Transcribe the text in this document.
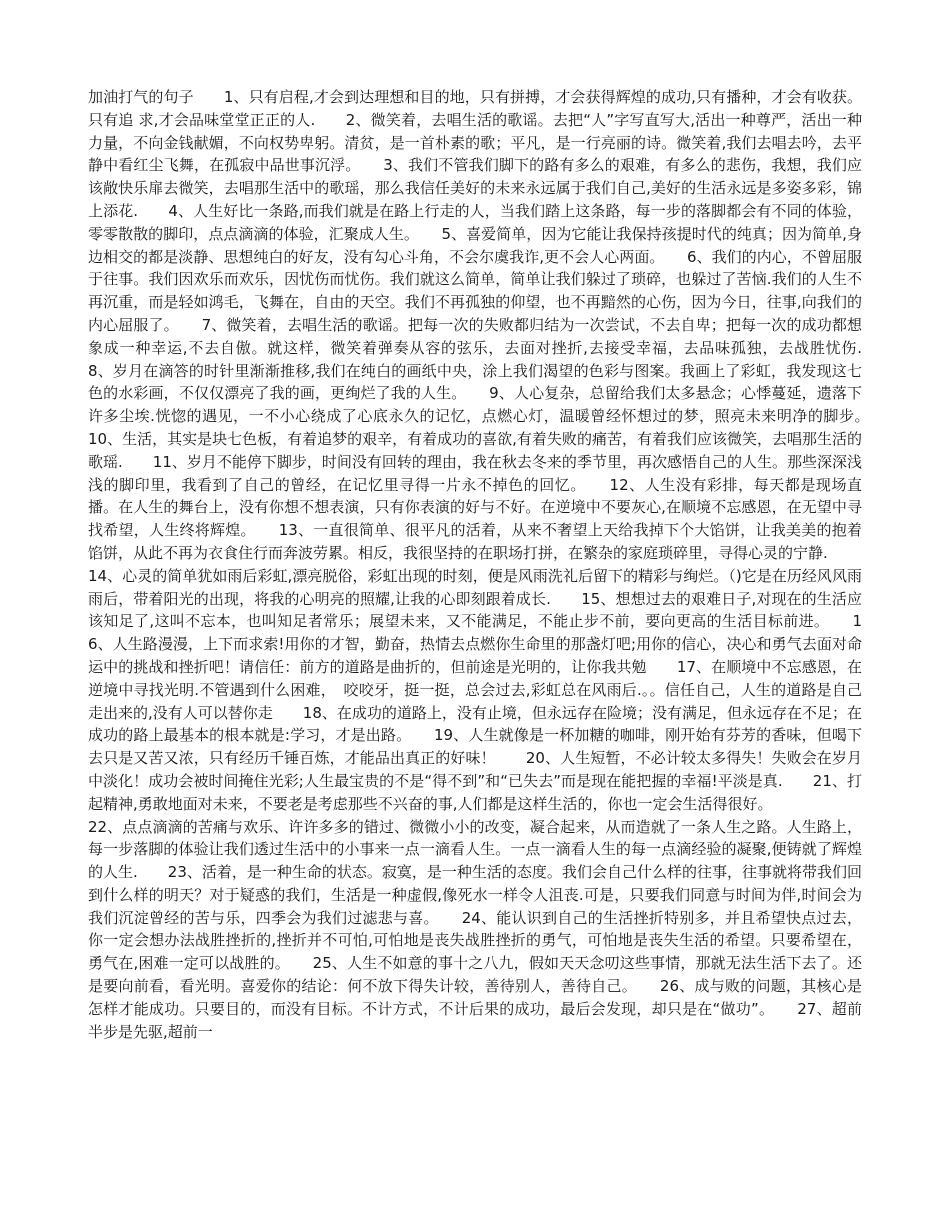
加油打气的句子　　1、只有启程,才会到达理想和目的地，只有拼搏，才会获得辉煌的成功,只有播种，才会有收获。只有追 求,才会品味堂堂正正的人.　　2、微笑着，去唱生活的歌谣。去把“人”字写直写大,活出一种尊严，活出一种力量，不向金钱献媚，不向权势卑躬。清贫，是一首朴素的歌；平凡，是一行亮丽的诗。微笑着,我们去唱去吟，去平静中看红尘飞舞，在孤寂中品世事沉浮。　　3、我们不管我们脚下的路有多么的艰难，有多么的悲伤，我想，我们应该敞快乐扉去微笑，去唱那生活中的歌瑶，那么我信任美好的未来永远属于我们自己,美好的生活永远是多姿多彩，锦上添花.　　4、人生好比一条路,而我们就是在路上行走的人，当我们踏上这条路，每一步的落脚都会有不同的体验，零零散散的脚印，点点滴滴的体验，汇聚成人生。　　5、喜爱简单，因为它能让我保持孩提时代的纯真；因为简单,身边相交的都是淡静、思想纯白的好友，没有勾心斗角，不会尔虞我诈,更不会人心两面。　　6、我们的内心，不曾屈服于往事。我们因欢乐而欢乐，因忧伤而忧伤。我们就这么简单，简单让我们躲过了琐碎，也躲过了苦恼.我们的人生不再沉重，而是轻如鸿毛，飞舞在，自由的天空。我们不再孤独的仰望，也不再黯然的心伤，因为今日，往事,向我们的内心屈服了。　　7、微笑着，去唱生活的歌谣。把每一次的失败都归结为一次尝试，不去自卑；把每一次的成功都想象成一种幸运,不去自傲。就这样，微笑着弹奏从容的弦乐，去面对挫折,去接受幸福，去品味孤独，去战胜忧伤.　　8、岁月在滴答的时针里渐渐推移,我们在纯白的画纸中央，涂上我们渴望的色彩与图案。我画上了彩虹，我发现这七色的水彩画，不仅仅漂亮了我的画，更绚烂了我的人生。　　9、人心复杂，总留给我们太多悬念；心悸蔓延，遗落下许多尘埃.恍惚的遇见，一不小心绕成了心底永久的记忆，点燃心灯，温暖曾经怀想过的梦，照亮未来明净的脚步。　　10、生活，其实是块七色板，有着追梦的艰辛，有着成功的喜欲,有着失败的痛苦，有着我们应该微笑，去唱那生活的歌瑶.　　11、岁月不能停下脚步，时间没有回转的理由，我在秋去冬来的季节里，再次感悟自己的人生。那些深深浅浅的脚印里，我看到了自己的曾经，在记忆里寻得一片永不掉色的回忆。　　12、人生没有彩排，每天都是现场直播。在人生的舞台上，没有你想不想表演，只有你表演的好与不好。在逆境中不要灰心,在顺境不忘感恩，在无望中寻找希望，人生终将辉煌。　　13、一直很简单、很平凡的活着，从来不奢望上天给我掉下个大馅饼，让我美美的抱着馅饼，从此不再为衣食住行而奔波劳累。相反，我很坚持的在职场打拼，在繁杂的家庭琐碎里，寻得心灵的宁静.

14、心灵的简单犹如雨后彩虹,漂亮脱俗，彩虹出现的时刻，便是风雨洗礼后留下的精彩与绚烂。（)它是在历经风风雨雨后，带着阳光的出现，将我的心明亮的照耀,让我的心即刻跟着成长.　　15、想想过去的艰难日子,对现在的生活应该知足了,这叫不忘本，也叫知足者常乐；展望未来，又不能满足，不能止步不前，要向更高的生活目标前进。　　16、人生路漫漫，上下而求索!用你的才智，勤奋，热情去点燃你生命里的那盏灯吧;用你的信心，决心和勇气去面对命运中的挑战和挫折吧！请信任：前方的道路是曲折的，但前途是光明的，让你我共勉　　17、在顺境中不忘感恩，在逆境中寻找光明.不管遇到什么困难，　咬咬牙，挺一挺，总会过去,彩虹总在风雨后.。。信任自己，人生的道路是自己走出来的,没有人可以替你走　　18、在成功的道路上，没有止境，但永远存在险境；没有满足，但永远存在不足；在成功的路上最基本的根本就是:学习，才是出路。　　19、人生就像是一杯加糖的咖啡，刚开始有芬芳的香味，但喝下去只是又苦又浓，只有经历千锤百炼，才能品出真正的好味！　　20、人生短暂，不必计较太多得失！失败会在岁月中淡化！成功会被时间掩住光彩;人生最宝贵的不是“得不到”和“已失去”而是现在能把握的幸福!平淡是真.　　21、打起精神,勇敢地面对未来，不要老是考虑那些不兴奋的事,人们都是这样生活的，你也一定会生活得很好。

22、点点滴滴的苦痛与欢乐、许许多多的错过、微微小小的改变，凝合起来，从而造就了一条人生之路。人生路上，每一步落脚的体验让我们透过生活中的小事来一点一滴看人生。一点一滴看人生的每一点滴经验的凝聚,便铸就了辉煌的人生.　　23、活着，是一种生命的状态。寂寞，是一种生活的态度。我们会自己什么样的往事，往事就将带我们回到什么样的明天？对于疑惑的我们，生活是一种虚假,像死水一样令人沮丧.可是，只要我们同意与时间为伴,时间会为我们沉淀曾经的苦与乐，四季会为我们过滤悲与喜。　　24、能认识到自己的生活挫折特别多，并且希望快点过去，你一定会想办法战胜挫折的,挫折并不可怕,可怕地是丧失战胜挫折的勇气，可怕地是丧失生活的希望。只要希望在，勇气在,困难一定可以战胜的。　　25、人生不如意的事十之八九，假如天天念叨这些事情，那就无法生活下去了。还是要向前看，看光明。喜爱你的结论：何不放下得失计较，善待别人，善待自己。　　26、成与败的问题，其核心是怎样才能成功。只要目的，而没有目标。不计方式，不计后果的成功，最后会发现，却只是在“做功”。　　27、超前半步是先驱,超前一
